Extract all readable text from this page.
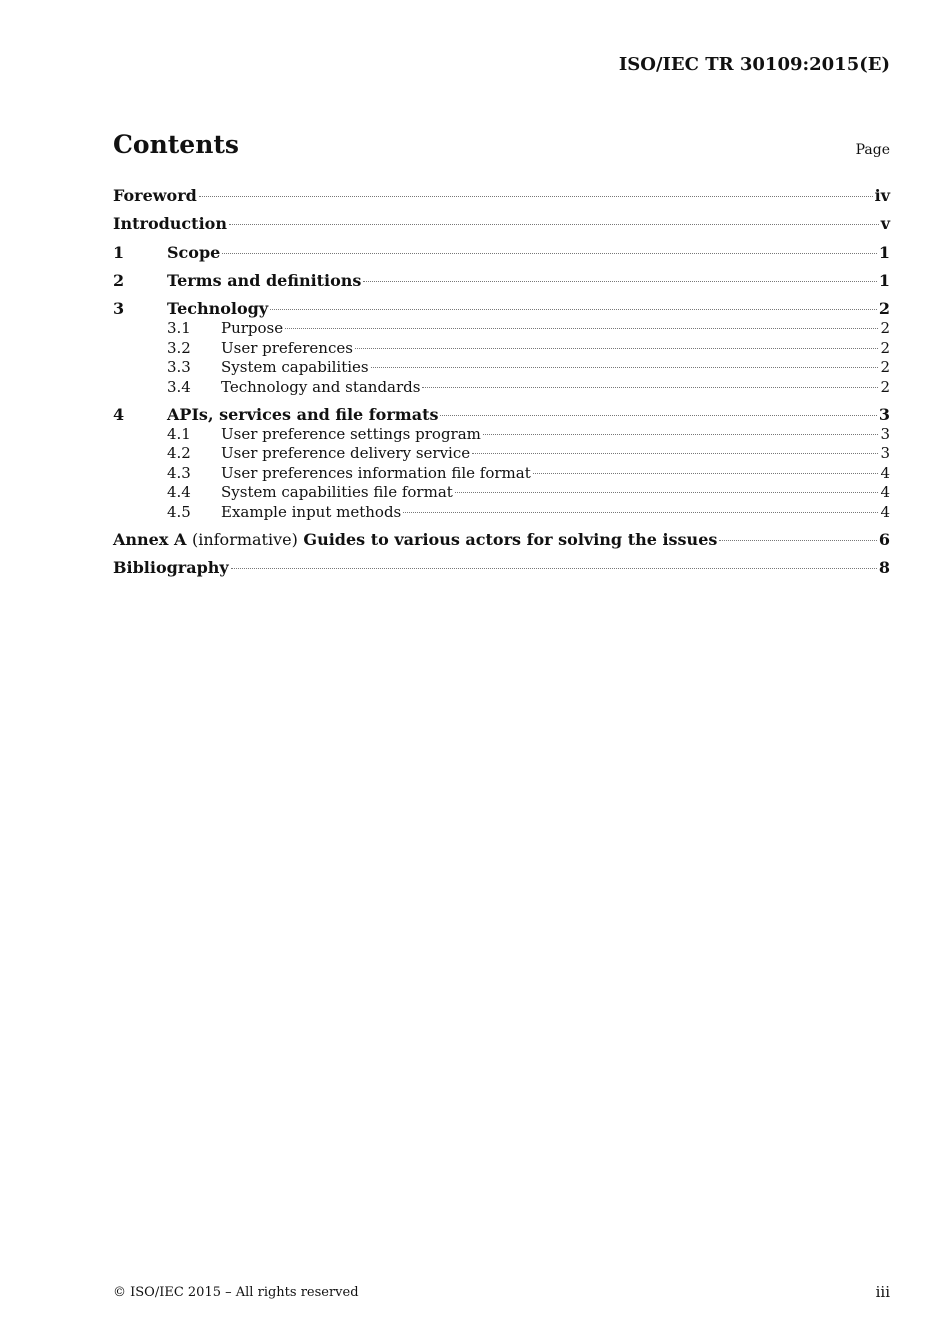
ISO/IEC TR 30109:2015(E)
Contents	Page
Foreword	iv
Introduction	v
1	Scope	1
2	Terms and definitions	1
3	Technology	2
3.1	Purpose	2
3.2	User preferences	2
3.3	System capabilities	2
3.4	Technology and standards	2
4	APIs, services and file formats	3
4.1	User preference settings program	3
4.2	User preference delivery service	3
4.3	User preferences information file format	4
4.4	System capabilities file format	4
4.5	Example input methods	4
Annex A (informative) Guides to various actors for solving the issues	6
Bibliography	8
© ISO/IEC 2015 – All rights reserved	iii
